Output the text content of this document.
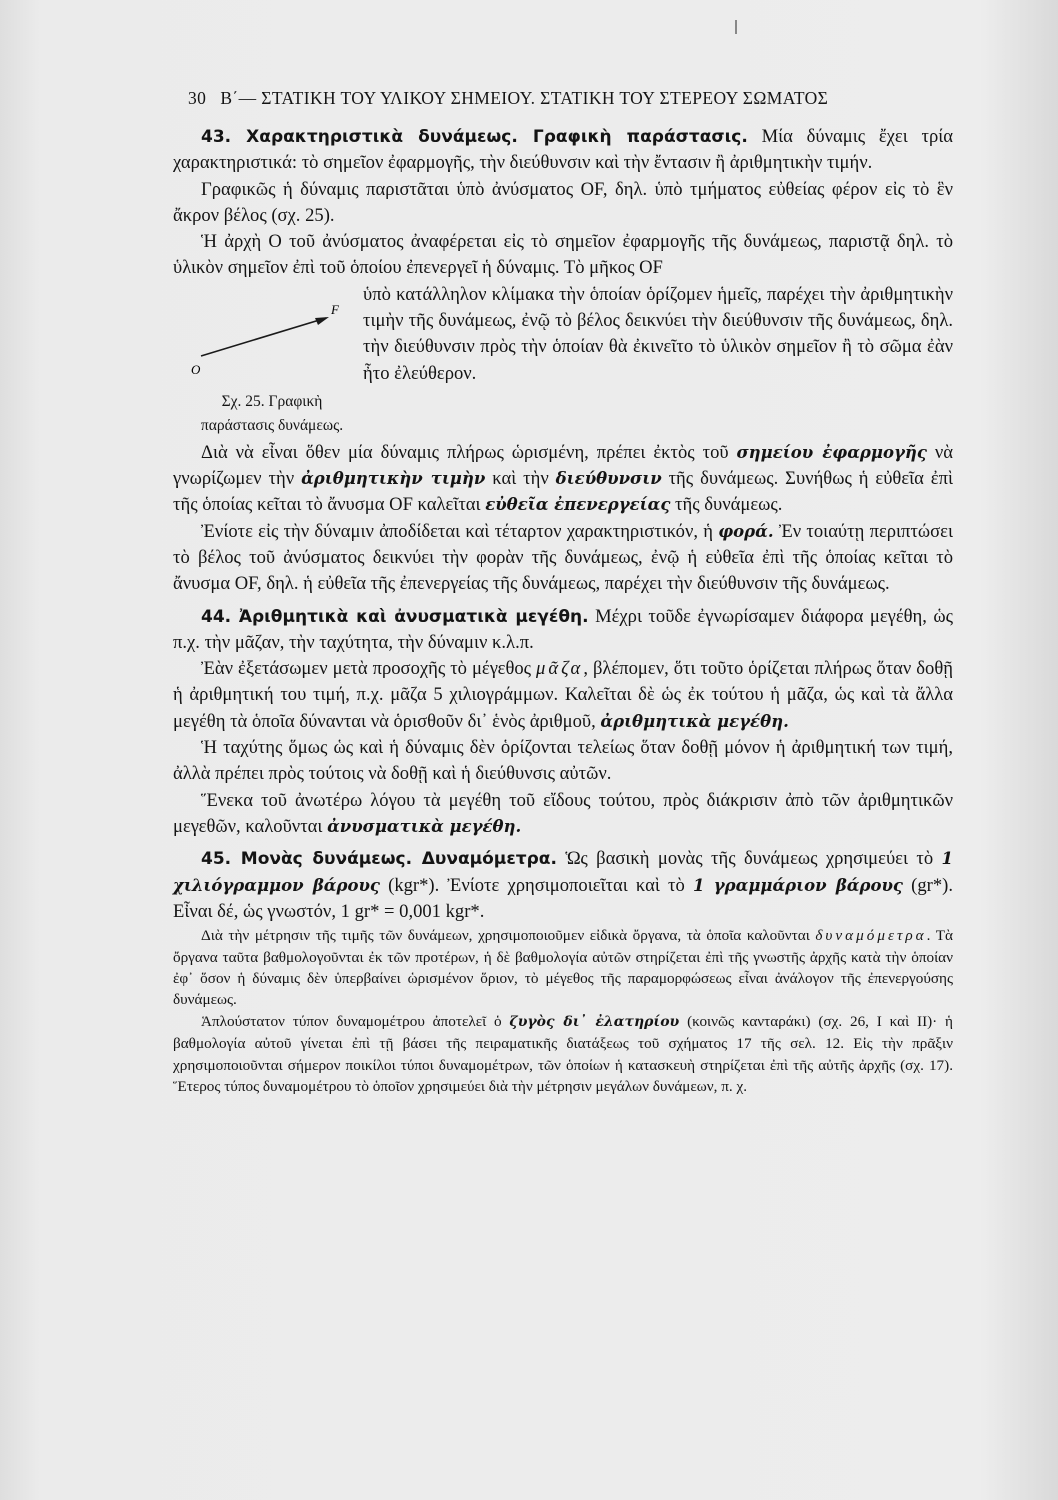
30 Β΄— ΣΤΑΤΙΚΗ ΤΟΥ ΥΛΙΚΟΥ ΣΗΜΕΙΟΥ. ΣΤΑΤΙΚΗ ΤΟΥ ΣΤΕΡΕΟΥ ΣΩΜΑΤΟΣ

43. Χαρακτηριστικὰ δυνάμεως. Γραφικὴ παράστασις. Μία δύναμις ἔχει τρία χαρακτηριστικά: τὸ σημεῖον ἐφαρμογῆς, τὴν διεύθυνσιν καὶ τὴν ἔντασιν ἢ ἀριθμητικὴν τιμήν.

Γραφικῶς ἡ δύναμις παριστᾶται ὑπὸ ἀνύσματος OF, δηλ. ὑπὸ τμήματος εὐθείας φέρον εἰς τὸ ἓν ἄκρον βέλος (σχ. 25).

Ἡ ἀρχὴ O τοῦ ἀνύσματος ἀναφέρεται εἰς τὸ σημεῖον ἐφαρμογῆς τῆς δυνάμεως, παριστᾷ δηλ. τὸ ὑλικὸν σημεῖον ἐπὶ τοῦ ὁποίου ἐπενεργεῖ ἡ δύναμις. Τὸ μῆκος OF

O
F
Σχ. 25. Γραφικὴ παράστασις δυνάμεως.

ὑπὸ κατάλληλον κλίμακα τὴν ὁποίαν ὁρίζομεν ἡμεῖς, παρέχει τὴν ἀριθμητικὴν τιμὴν τῆς δυνάμεως, ἐνῷ τὸ βέλος δεικνύει τὴν διεύθυνσιν τῆς δυνάμεως, δηλ. τὴν διεύθυνσιν πρὸς τὴν ὁποίαν θὰ ἐκινεῖτο τὸ ὑλικὸν σημεῖον ἢ τὸ σῶμα ἐὰν ἦτο ἐλεύθερον.

Διὰ νὰ εἶναι ὅθεν μία δύναμις πλήρως ὡρισμένη, πρέπει ἐκτὸς τοῦ σημείου ἐφαρμογῆς νὰ γνωρίζωμεν τὴν ἀριθμητικὴν τιμὴν καὶ τὴν διεύθυνσιν τῆς δυνάμεως. Συνήθως ἡ εὐθεῖα ἐπὶ τῆς ὁποίας κεῖται τὸ ἄνυσμα OF καλεῖται εὐθεῖα ἐπενεργείας τῆς δυνάμεως.

Ἐνίοτε εἰς τὴν δύναμιν ἀποδίδεται καὶ τέταρτον χαρακτηριστικόν, ἡ φορά. Ἐν τοιαύτῃ περιπτώσει τὸ βέλος τοῦ ἀνύσματος δεικνύει τὴν φορὰν τῆς δυνάμεως, ἐνῷ ἡ εὐθεῖα ἐπὶ τῆς ὁποίας κεῖται τὸ ἄνυσμα OF, δηλ. ἡ εὐθεῖα τῆς ἐπενεργείας τῆς δυνάμεως, παρέχει τὴν διεύθυνσιν τῆς δυνάμεως.

44. Ἀριθμητικὰ καὶ ἀνυσματικὰ μεγέθη. Μέχρι τοῦδε ἐγνωρίσαμεν διάφορα μεγέθη, ὡς π.χ. τὴν μᾶζαν, τὴν ταχύτητα, τὴν δύναμιν κ.λ.π.

Ἐὰν ἐξετάσωμεν μετὰ προσοχῆς τὸ μέγεθος μᾶζα, βλέπομεν, ὅτι τοῦτο ὁρίζεται πλήρως ὅταν δοθῇ ἡ ἀριθμητική του τιμή, π.χ. μᾶζα 5 χιλιογράμμων. Καλεῖται δὲ ὡς ἐκ τούτου ἡ μᾶζα, ὡς καὶ τὰ ἄλλα μεγέθη τὰ ὁποῖα δύνανται νὰ ὁρισθοῦν δι᾽ ἑνὸς ἀριθμοῦ, ἀριθμητικὰ μεγέθη.

Ἡ ταχύτης ὅμως ὡς καὶ ἡ δύναμις δὲν ὁρίζονται τελείως ὅταν δοθῇ μόνον ἡ ἀριθμητική των τιμή, ἀλλὰ πρέπει πρὸς τούτοις νὰ δοθῇ καὶ ἡ διεύθυνσις αὐτῶν.

Ἕνεκα τοῦ ἀνωτέρω λόγου τὰ μεγέθη τοῦ εἴδους τούτου, πρὸς διάκρισιν ἀπὸ τῶν ἀριθμητικῶν μεγεθῶν, καλοῦνται ἀνυσματικὰ μεγέθη.

45. Μονὰς δυνάμεως. Δυναμόμετρα. Ὡς βασικὴ μονὰς τῆς δυνάμεως χρησιμεύει τὸ 1 χιλιόγραμμον βάρους (kgr*). Ἐνίοτε χρησιμοποιεῖται καὶ τὸ 1 γραμμάριον βάρους (gr*). Εἶναι δέ, ὡς γνωστόν, 1 gr* = 0,001 kgr*.

Διὰ τὴν μέτρησιν τῆς τιμῆς τῶν δυνάμεων, χρησιμοποιοῦμεν εἰδικὰ ὄργανα, τὰ ὁποῖα καλοῦνται δυναμόμετρα. Τὰ ὄργανα ταῦτα βαθμολογοῦνται ἐκ τῶν προτέρων, ἡ δὲ βαθμολογία αὐτῶν στηρίζεται ἐπὶ τῆς γνωστῆς ἀρχῆς κατὰ τὴν ὁποίαν ἐφ᾽ ὅσον ἡ δύναμις δὲν ὑπερβαίνει ὡρισμένον ὅριον, τὸ μέγεθος τῆς παραμορφώσεως εἶναι ἀνάλογον τῆς ἐπενεργούσης δυνάμεως.

Ἁπλούστατον τύπον δυναμομέτρου ἀποτελεῖ ὁ ζυγὸς δι᾽ ἐλατηρίου (κοινῶς κανταράκι) (σχ. 26, I καὶ II)· ἡ βαθμολογία αὐτοῦ γίνεται ἐπὶ τῇ βάσει τῆς πειραματικῆς διατάξεως τοῦ σχήματος 17 τῆς σελ. 12. Εἰς τὴν πρᾶξιν χρησιμοποιοῦνται σήμερον ποικίλοι τύποι δυναμομέτρων, τῶν ὁποίων ἡ κατασκευὴ στηρίζεται ἐπὶ τῆς αὐτῆς ἀρχῆς (σχ. 17). Ἕτερος τύπος δυναμομέτρου τὸ ὁποῖον χρησιμεύει διὰ τὴν μέτρησιν μεγάλων δυνάμεων, π. χ.
